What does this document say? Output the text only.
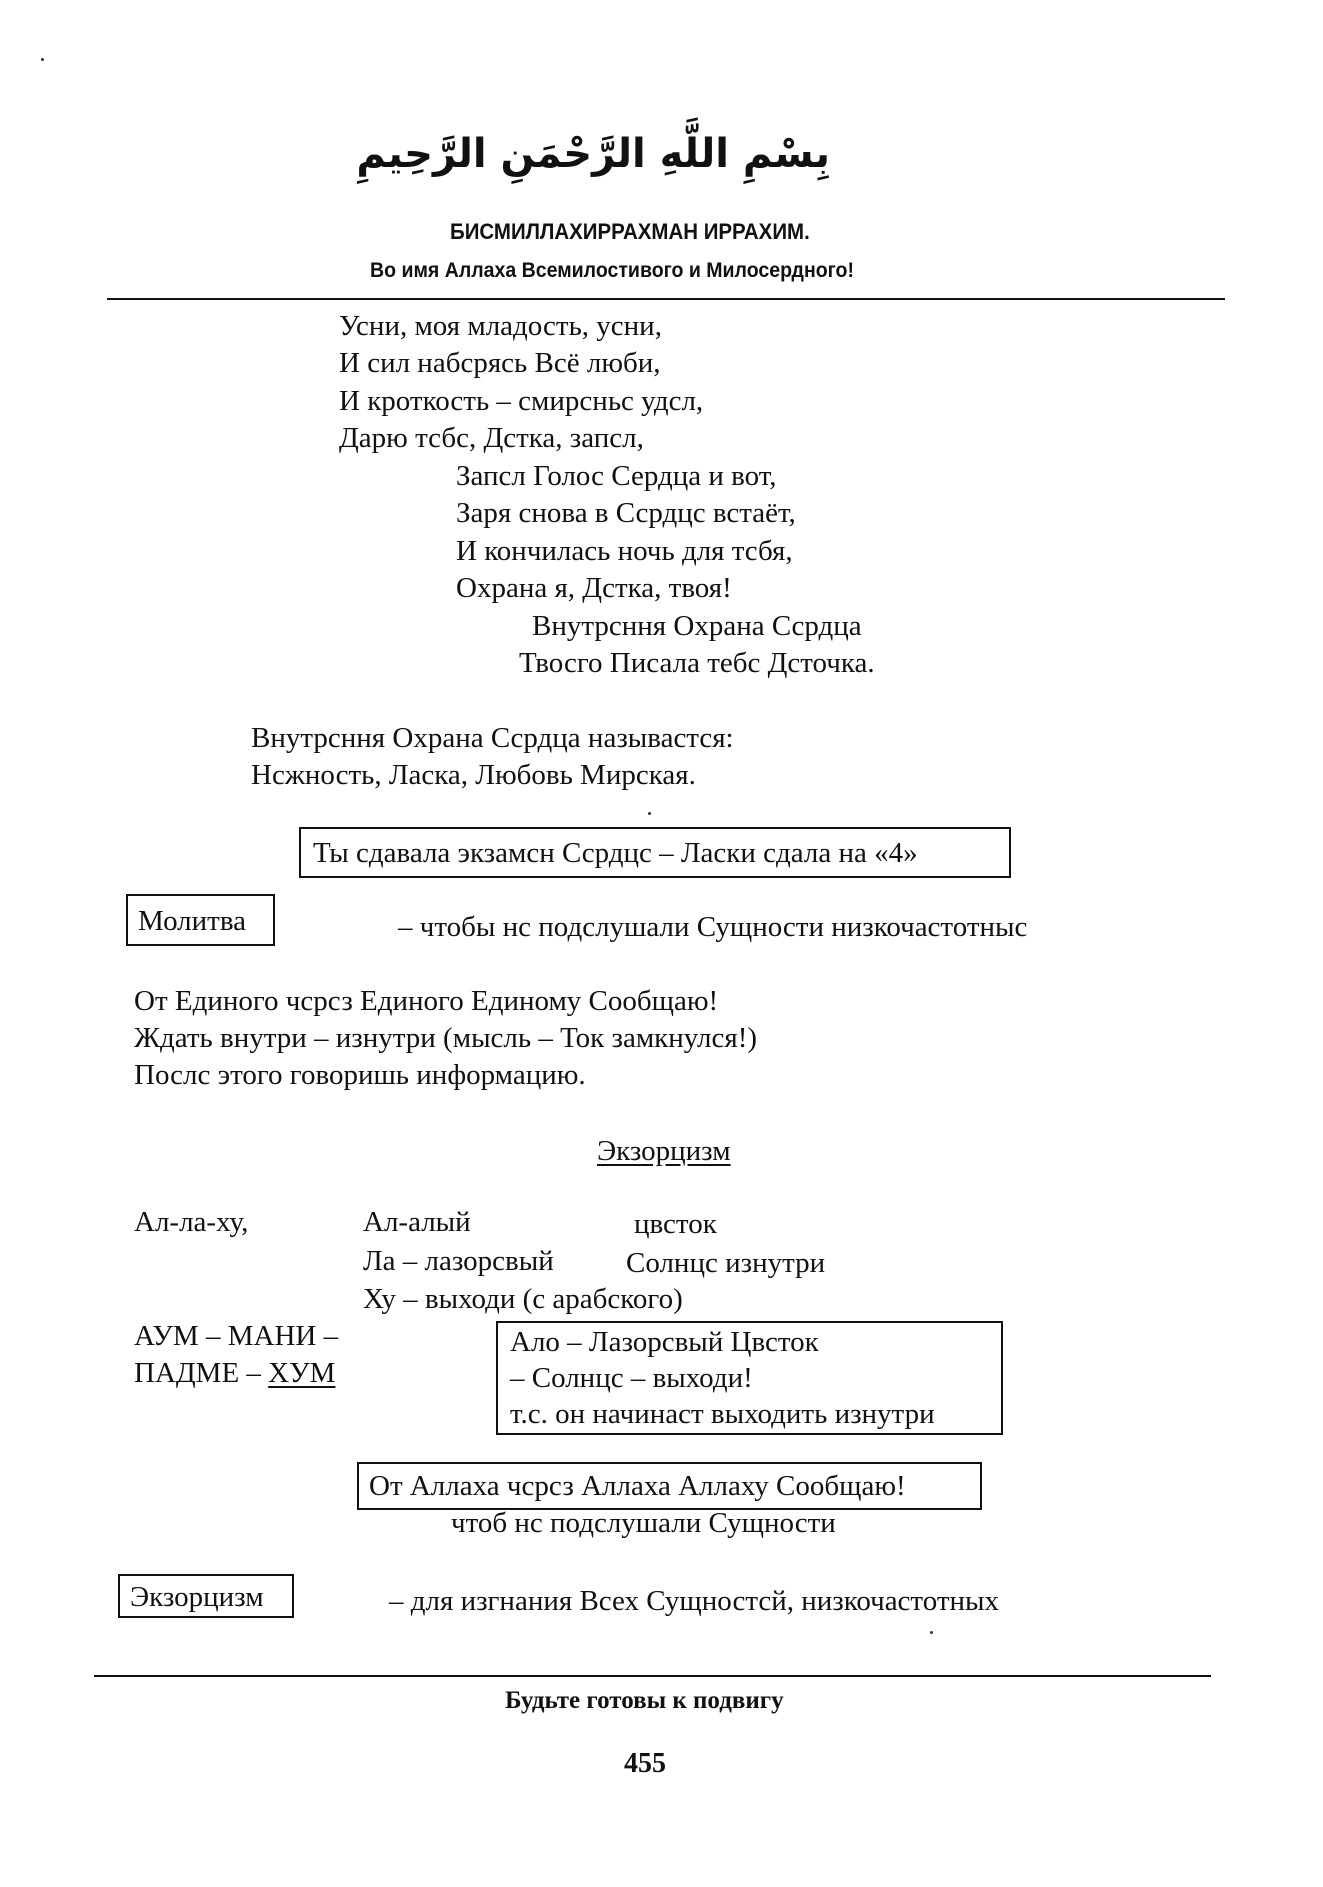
بِسْمِ اللَّهِ الرَّحْمَنِ الرَّحِيمِ
БИСМИЛЛАХИРРАХМАН ИРРАХИМ.
Во имя Аллаха Всемилостивого и Милосердного!
Усни, моя младость, усни,
И сил набсрясь Всё люби,
И кроткость – смирсньс удсл,
Дарю тсбс, Дстка, запсл,
Запсл Голос Сердца и вот,
Заря снова в Ссрдцс встаёт,
И кончилась ночь для тсбя,
Охрана я, Дстка, твоя!
Внутрсння Охрана Ссрдца
Твосго Писала тебс Дсточка.
Внутрсння Охрана Ссрдца называстся:
Нсжность, Ласка, Любовь Мирская.
Ты сдавала экзамсн Ссрдцс – Ласки сдала на «4»
Молитва	– чтобы нс подслушали Сущности низкочастотныс
От Единого чсрсз Единого Единому Сообщаю!
Ждать внутри – изнутри (мысль – Ток замкнулся!)
Послс этого говоришь информацию.
Экзорцизм
Ал-ла-ху,	Ал-алый	цвсток
Ла – лазорсвый Солнцс изнутри
Ху – выходи (с арабского)
АУМ – МАНИ –
ПАДМЕ – ХУМ
Ало – Лазорсвый Цвсток
– Солнцс – выходи!
т.с. он начинаст выходить изнутри
От Аллаха чсрсз Аллаха Аллаху Сообщаю!
чтоб нс подслушали Сущности
Экзорцизм	– для изгнания Всех Сущностсй, низкочастотных
Будьте готовы к подвигу
455
